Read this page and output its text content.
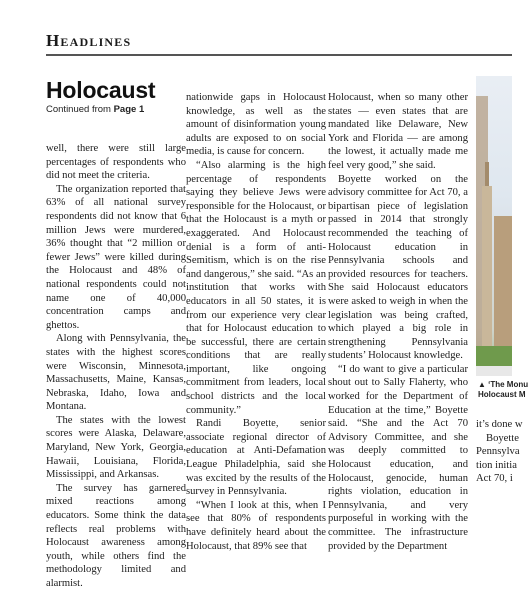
Headlines
Holocaust
Continued from Page 1

well, there were still large percentages of respondents who did not meet the criteria.

The organization reported that 63% of all national survey respondents did not know that 6 million Jews were murdered, 36% thought that “2 million or fewer Jews” were killed during the Holocaust and 48% of national respondents could not name one of 40,000 concentration camps and ghettos.

Along with Pennsylvania, the states with the highest scores were Wisconsin, Minnesota, Massachusetts, Maine, Kansas, Nebraska, Idaho, Iowa and Montana.

The states with the lowest scores were Alaska, Delaware, Maryland, New York, Georgia, Hawaii, Louisiana, Florida, Mississippi, and Arkansas.

The survey has garnered mixed reactions among educators. Some think the data reflects real problems with Holocaust awareness among youth, while others find the methodology limited and alarmist.

nationwide gaps in Holocaust knowledge, as well as the amount of disinformation young adults are exposed to on social media, is cause for concern.

“Also alarming is the high percentage of respondents saying they believe Jews were responsible for the Holocaust, or that the Holocaust is a myth or exaggerated. And Holocaust denial is a form of anti-Semitism, which is on the rise and dangerous,” she said. “As an institution that works with educators in all 50 states, it is from our experience very clear that for Holocaust education to be successful, there are certain conditions that are really important, like ongoing commitment from leaders, local school districts and the local community.”

Randi Boyette, senior associate regional director of education at Anti-Defamation League Philadelphia, said she was excited by the results of the survey in Pennsylvania.

“When I look at this, when I see that 80% of respondents have definitely heard about the Holocaust, that 89% see that

Holocaust, when so many other states — even states that are mandated like Delaware, New York and Florida — are among the lowest, it actually made me feel very good,” she said.

Boyette worked on the advisory committee for Act 70, a bipartisan piece of legislation passed in 2014 that strongly recommended the teaching of Holocaust education in Pennsylvania schools and provided resources for teachers. She said Holocaust educators were asked to weigh in when the legislation was being crafted, which played a big role in strengthening Pennsylvania students’ Holocaust knowledge.

“I do want to give a particular shout out to Sally Flaherty, who worked for the Department of Education at the time,” Boyette said. “She and the Act 70 Advisory Committee, and she was deeply committed to Holocaust education, and Holocaust, genocide, human rights violation, education in Pennsylvania, and very purposeful in working with the committee. The infrastructure provided by the Department

▲ ‘The Monu
Holocaust M
it’s done w
Boyette
Pennsylva
tion initia
Act 70, i
